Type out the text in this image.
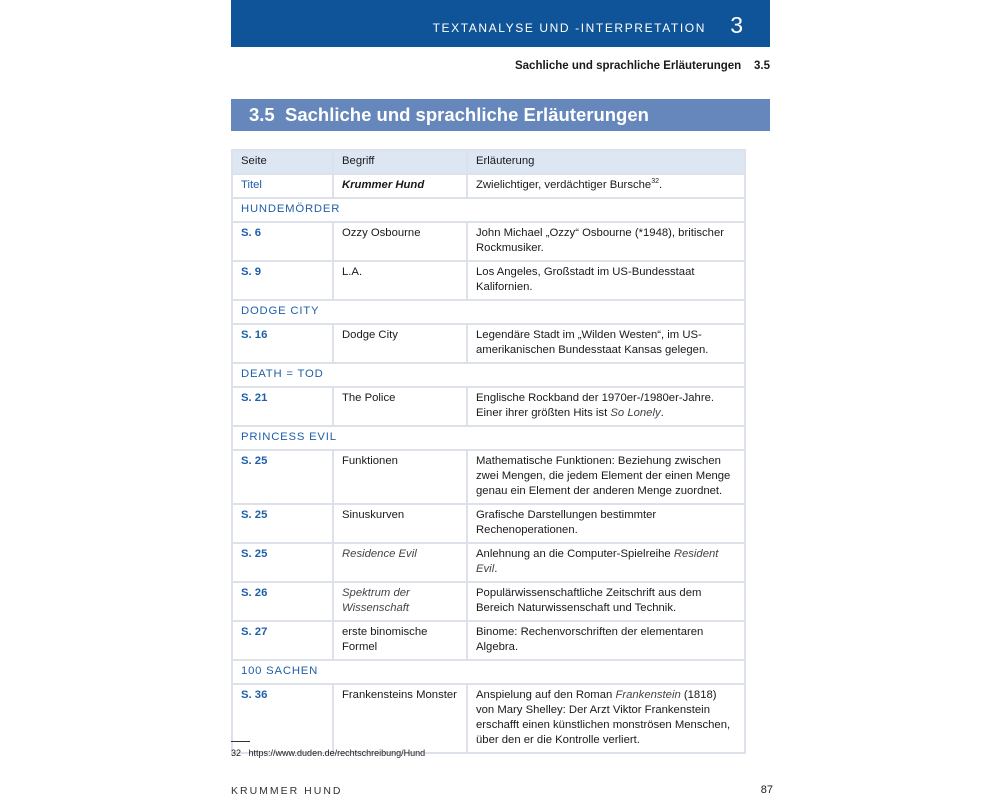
TEXTANALYSE UND -INTERPRETATION 3
Sachliche und sprachliche Erläuterungen 3.5
3.5 Sachliche und sprachliche Erläuterungen
Seite	Begriff	Erläuterung
Titel	Krummer Hund	Zwielichtiger, verdächtiger Bursche$^{32}$.
HUNDEMÖRDER		
S. 6	Ozzy Osbourne	John Michael „Ozzy“ Osbourne (*1948), britischer Rockmusiker.
S. 9	L.A.	Los Angeles, Großstadt im US-Bundesstaat Kalifornien.
DODGE CITY		
S. 16	Dodge City	Legendäre Stadt im „Wilden Westen“, im US-amerikanischen Bundesstaat Kansas gelegen.
DEATH = TOD		
S. 21	The Police	Englische Rockband der 1970er-/1980er-Jahre. Einer ihrer größten Hits ist So Lonely.
PRINCESS EVIL		
S. 25	Funktionen	Mathematische Funktionen: Beziehung zwischen zwei Mengen, die jedem Element der einen Menge genau ein Element der anderen Menge zuordnet.
S. 25	Sinuskurven	Grafische Darstellungen bestimmter Rechenoperationen.
S. 25	Residence Evil	Anlehnung an die Computer-Spielreihe Resident Evil.
S. 26	Spektrum der Wissenschaft	Populärwissenschaftliche Zeitschrift aus dem Bereich Naturwissenschaft und Technik.
S. 27	erste binomische Formel	Binome: Rechenvorschriften der elementaren Algebra.
100 SACHEN		
S. 36	Frankensteins Monster	Anspielung auf den Roman Frankenstein (1818) von Mary Shelley: Der Arzt Viktor Frankenstein erschafft einen künstlichen monströsen Menschen, über den er die Kontrolle verliert.
32 https://www.duden.de/rechtschreibung/Hund
KRUMMER HUND	87
